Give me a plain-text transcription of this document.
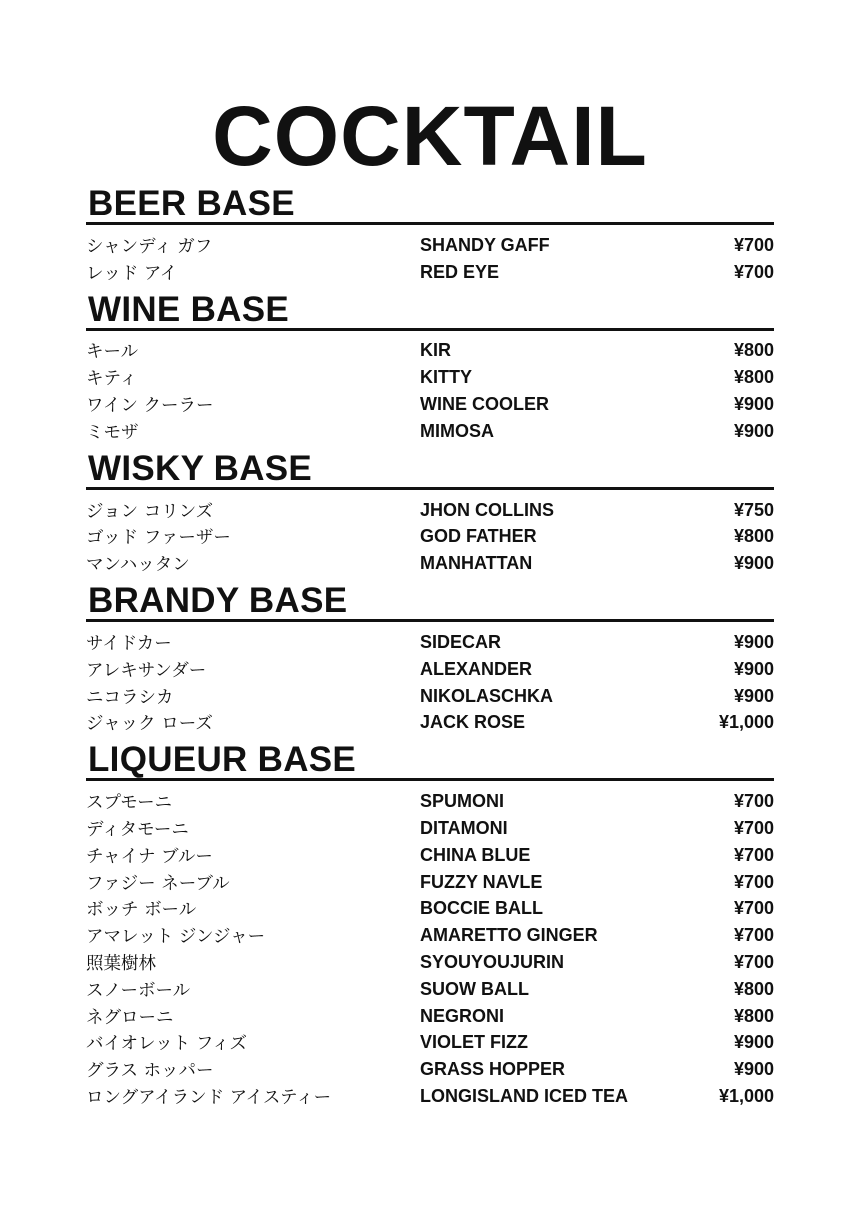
COCKTAIL
BEER BASE
シャンディ ガフ	SHANDY GAFF	¥700
レッド アイ	RED EYE	¥700
WINE BASE
キール	KIR	¥800
キティ	KITTY	¥800
ワイン クーラー	WINE COOLER	¥900
ミモザ	MIMOSA	¥900
WISKY BASE
ジョン コリンズ	JHON COLLINS	¥750
ゴッド ファーザー	GOD FATHER	¥800
マンハッタン	MANHATTAN	¥900
BRANDY BASE
サイドカー	SIDECAR	¥900
アレキサンダー	ALEXANDER	¥900
ニコラシカ	NIKOLASCHKA	¥900
ジャック ローズ	JACK ROSE	¥1,000
LIQUEUR BASE
スプモーニ	SPUMONI	¥700
ディタモーニ	DITAMONI	¥700
チャイナ ブルー	CHINA BLUE	¥700
ファジー ネーブル	FUZZY NAVLE	¥700
ボッチ ボール	BOCCIE BALL	¥700
アマレット ジンジャー	AMARETTO GINGER	¥700
照葉樹林	SYOUYOUJURIN	¥700
スノーボール	SUOW BALL	¥800
ネグローニ	NEGRONI	¥800
バイオレット フィズ	VIOLET FIZZ	¥900
グラス ホッパー	GRASS HOPPER	¥900
ロングアイランド アイスティー	LONGISLAND ICED TEA	¥1,000
